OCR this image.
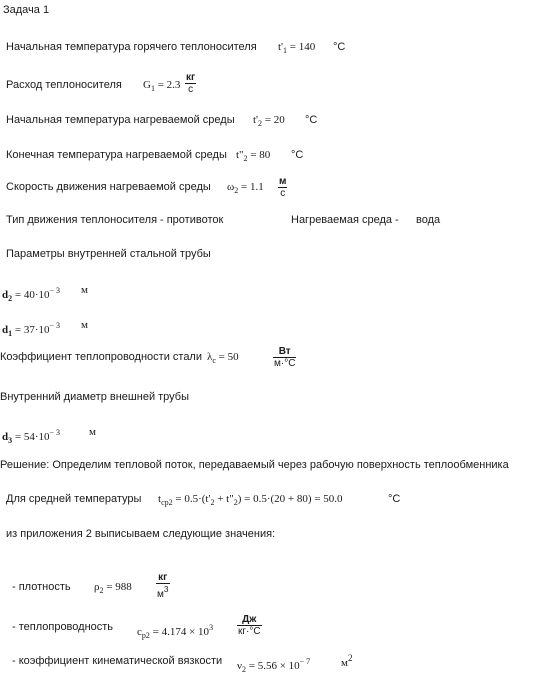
Задача 1
Начальная температура горячего теплоносителя $t'_1 = 140$ °C
Расход теплоносителя $G_1 = 2.3$
кг
с
Начальная температура нагреваемой среды $t'_2 = 20$ °C
Конечная температура нагреваемой среды $t"_2 = 80$ °C
Скорость движения нагреваемой среды $\omega_2 = 1.1$ м
с
Тип движения теплоносителя - противоток	Нагреваемая среда - вода
Параметры внутренней стальной трубы
$d_2 = 40\cdot 10^{- 3}$ м
$d_1 = 37\cdot 10^{- 3}$ м
Коэффициент теплопроводности стали $\lambda_c = 50$	Вт
м·°C
Внутренний диаметр внешней трубы
$d_3 = 54\cdot 10^{- 3}$	м
Решение: Определим тепловой поток, передаваемый через рабочую поверхность теплообменника
Для средней температуры $t_{ср2} = 0.5\cdot(t'_2$ + $t"_2) = 0.5\cdot(20 + 80) = 50.0$	°C
из приложения 2 выписываем следующие значения:
- плотность $\rho_2 = 988$
кг
$м^3$
- теплопроводность $c_{p2} = 4.174 \times 10^3$
Дж
кг·°C
- коэффициент кинематической вязкости $\nu_2 = 5.56 \times 10^{- 7}$	$м^2$
